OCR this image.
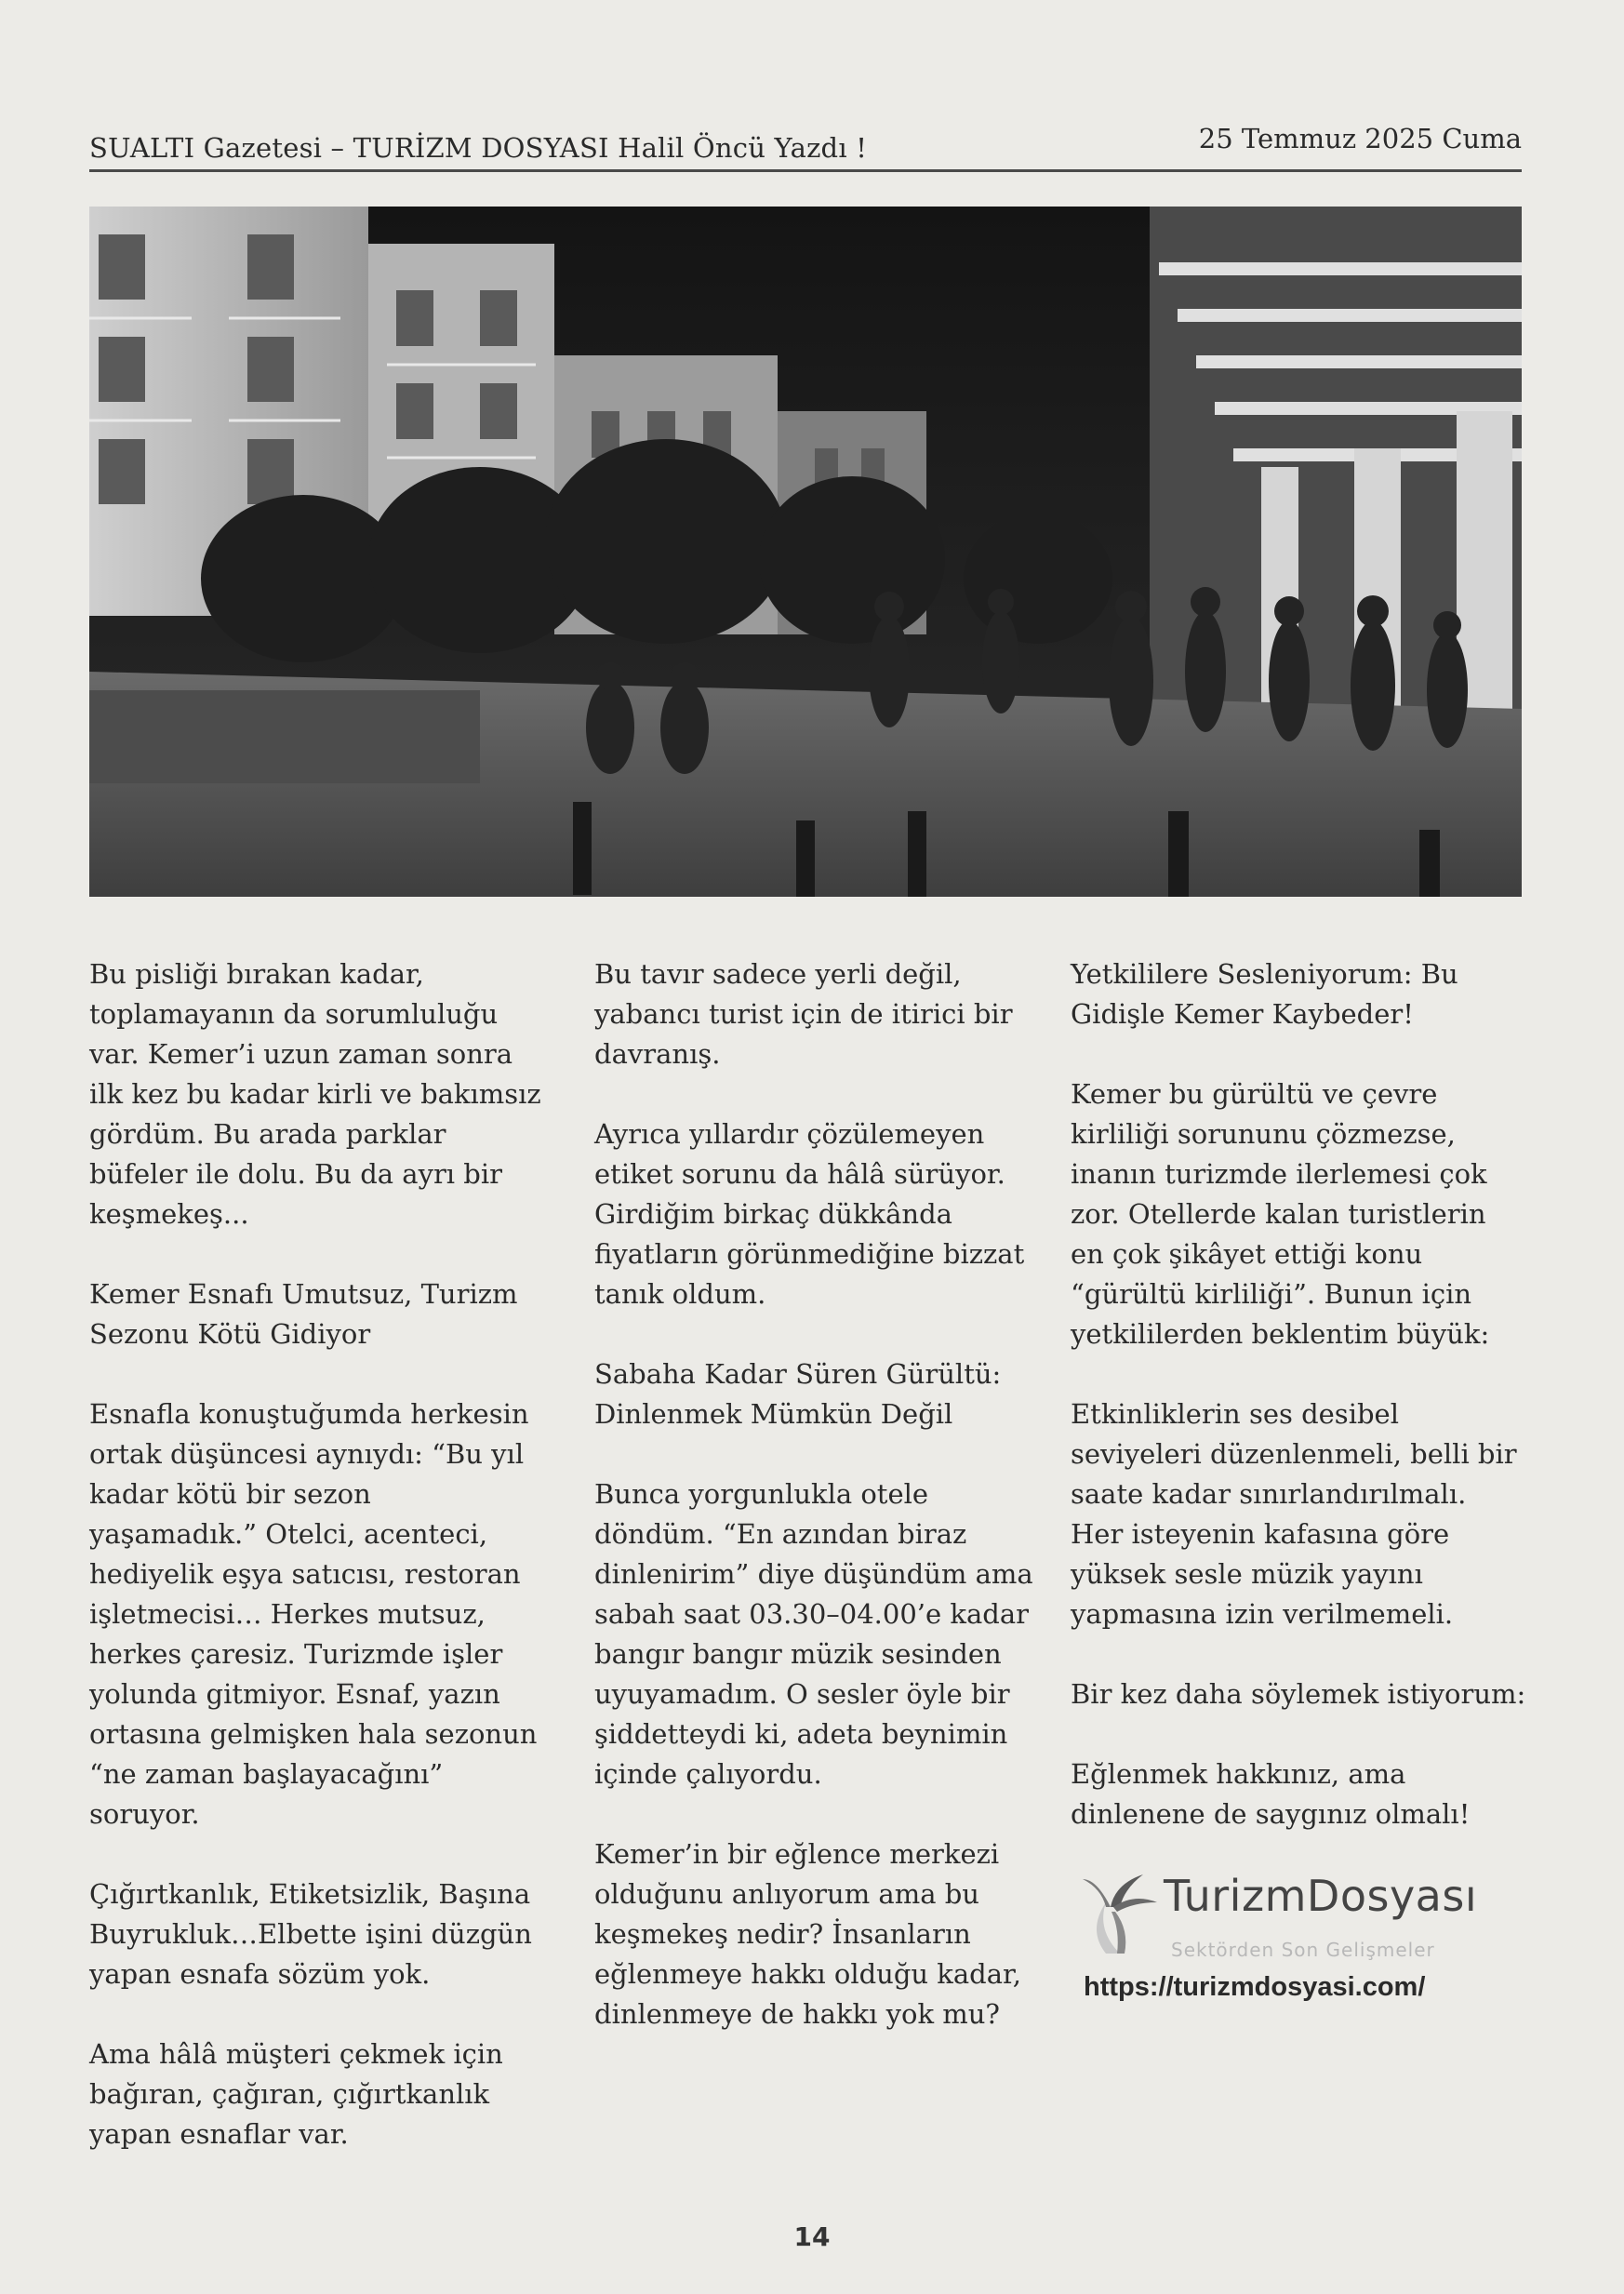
SUALTI Gazetesi – TURİZM DOSYASI Halil Öncü Yazdı !	25 Temmuz 2025 Cuma

Bu pisliği bırakan kadar, toplamayanın da sorumluluğu var. Kemer’i uzun zaman sonra ilk kez bu kadar kirli ve bakımsız gördüm. Bu arada parklar büfeler ile dolu. Bu da ayrı bir keşmekeş...

Kemer Esnafı Umutsuz, Turizm Sezonu Kötü Gidiyor

Esnafla konuştuğumda herkesin ortak düşüncesi aynıydı: “Bu yıl kadar kötü bir sezon yaşamadık.” Otelci, acenteci, hediyelik eşya satıcısı, restoran işletmecisi… Herkes mutsuz, herkes çaresiz. Turizmde işler yolunda gitmiyor. Esnaf, yazın ortasına gelmişken hala sezonun “ne zaman başlayacağını” soruyor.

Çığırtkanlık, Etiketsizlik, Başına Buyrukluk…Elbette işini düzgün yapan esnafa sözüm yok.

Ama hâlâ müşteri çekmek için bağıran, çağıran, çığırtkanlık yapan esnaflar var.

Bu tavır sadece yerli değil, yabancı turist için de itirici bir davranış.

Ayrıca yıllardır çözülemeyen etiket sorunu da hâlâ sürüyor. Girdiğim birkaç dükkânda fiyatların görünmediğine bizzat tanık oldum.

Sabaha Kadar Süren Gürültü: Dinlenmek Mümkün Değil

Bunca yorgunlukla otele döndüm. “En azından biraz dinlenirim” diye düşündüm ama sabah saat 03.30–04.00’e kadar bangır bangır müzik sesinden uyuyamadım. O sesler öyle bir şiddetteydi ki, adeta beynimin içinde çalıyordu.

Kemer’in bir eğlence merkezi olduğunu anlıyorum ama bu keşmekeş nedir? İnsanların eğlenmeye hakkı olduğu kadar, dinlenmeye de hakkı yok mu?

Yetkililere Sesleniyorum: Bu Gidişle Kemer Kaybeder!

Kemer bu gürültü ve çevre kirliliği sorununu çözmezse, inanın turizmde ilerlemesi çok zor. Otellerde kalan turistlerin en çok şikâyet ettiği konu “gürültü kirliliği”. Bunun için yetkililerden beklentim büyük:

Etkinliklerin ses desibel seviyeleri düzenlenmeli, belli bir saate kadar sınırlandırılmalı. Her isteyenin kafasına göre yüksek sesle müzik yayını yapmasına izin verilmemeli.

Bir kez daha söylemek istiyorum:

Eğlenmek hakkınız, ama dinlenene de saygınız olmalı!

TurizmDosyası
Sektörden Son Gelişmeler
https://turizmdosyasi.com/
14
